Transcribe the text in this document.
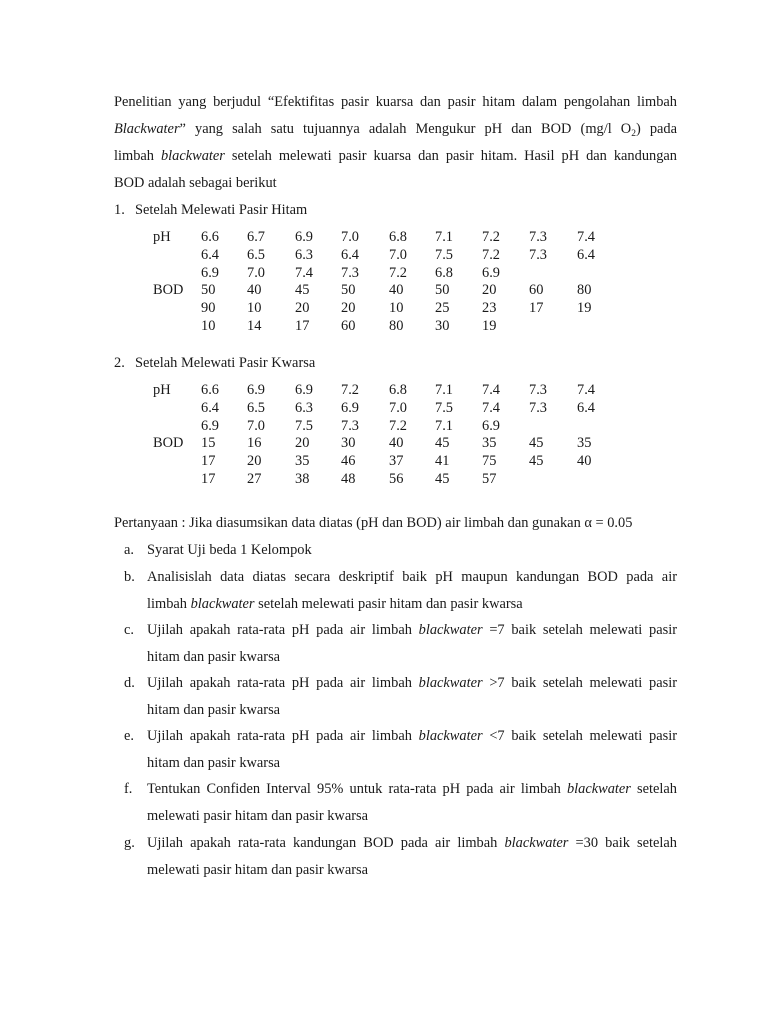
Penelitian yang berjudul “Efektifitas pasir kuarsa dan pasir hitam dalam pengolahan limbah
Blackwater” yang salah satu tujuannya adalah Mengukur pH dan BOD (mg/l $O_2$) pada
limbah blackwater setelah melewati pasir kuarsa dan pasir hitam. Hasil pH dan kandungan
BOD adalah sebagai berikut
1. Setelah Melewati Pasir Hitam
pH 6.6 6.7 6.9 7.0 6.8 7.1 7.2 7.3 7.4
6.4 6.5 6.3 6.4 7.0 7.5 7.2 7.3 6.4
6.9 7.0 7.4 7.3 7.2 6.8 6.9
BOD 50 40 45 50 40 50 20 60 80
90 10 20 20 10 25 23 17 19
10 14 17 60 80 30 19
2. Setelah Melewati Pasir Kwarsa
pH 6.6 6.9 6.9 7.2 6.8 7.1 7.4 7.3 7.4
6.4 6.5 6.3 6.9 7.0 7.5 7.4 7.3 6.4
6.9 7.0 7.5 7.3 7.2 7.1 6.9
BOD 15 16 20 30 40 45 35 45 35
17 20 35 46 37 41 75 45 40
17 27 38 48 56 45 57
Pertanyaan : Jika diasumsikan data diatas (pH dan BOD) air limbah dan gunakan α = 0.05
a. Syarat Uji beda 1 Kelompok
b. Analisislah data diatas secara deskriptif baik pH maupun kandungan BOD pada air
limbah blackwater setelah melewati pasir hitam dan pasir kwarsa
c. Ujilah apakah rata-rata pH pada air limbah blackwater =7 baik setelah melewati pasir
hitam dan pasir kwarsa
d. Ujilah apakah rata-rata pH pada air limbah blackwater >7 baik setelah melewati pasir
hitam dan pasir kwarsa
e. Ujilah apakah rata-rata pH pada air limbah blackwater <7 baik setelah melewati pasir
hitam dan pasir kwarsa
f. Tentukan Confiden Interval 95% untuk rata-rata pH pada air limbah blackwater setelah
melewati pasir hitam dan pasir kwarsa
g. Ujilah apakah rata-rata kandungan BOD pada air limbah blackwater =30 baik setelah
melewati pasir hitam dan pasir kwarsa
